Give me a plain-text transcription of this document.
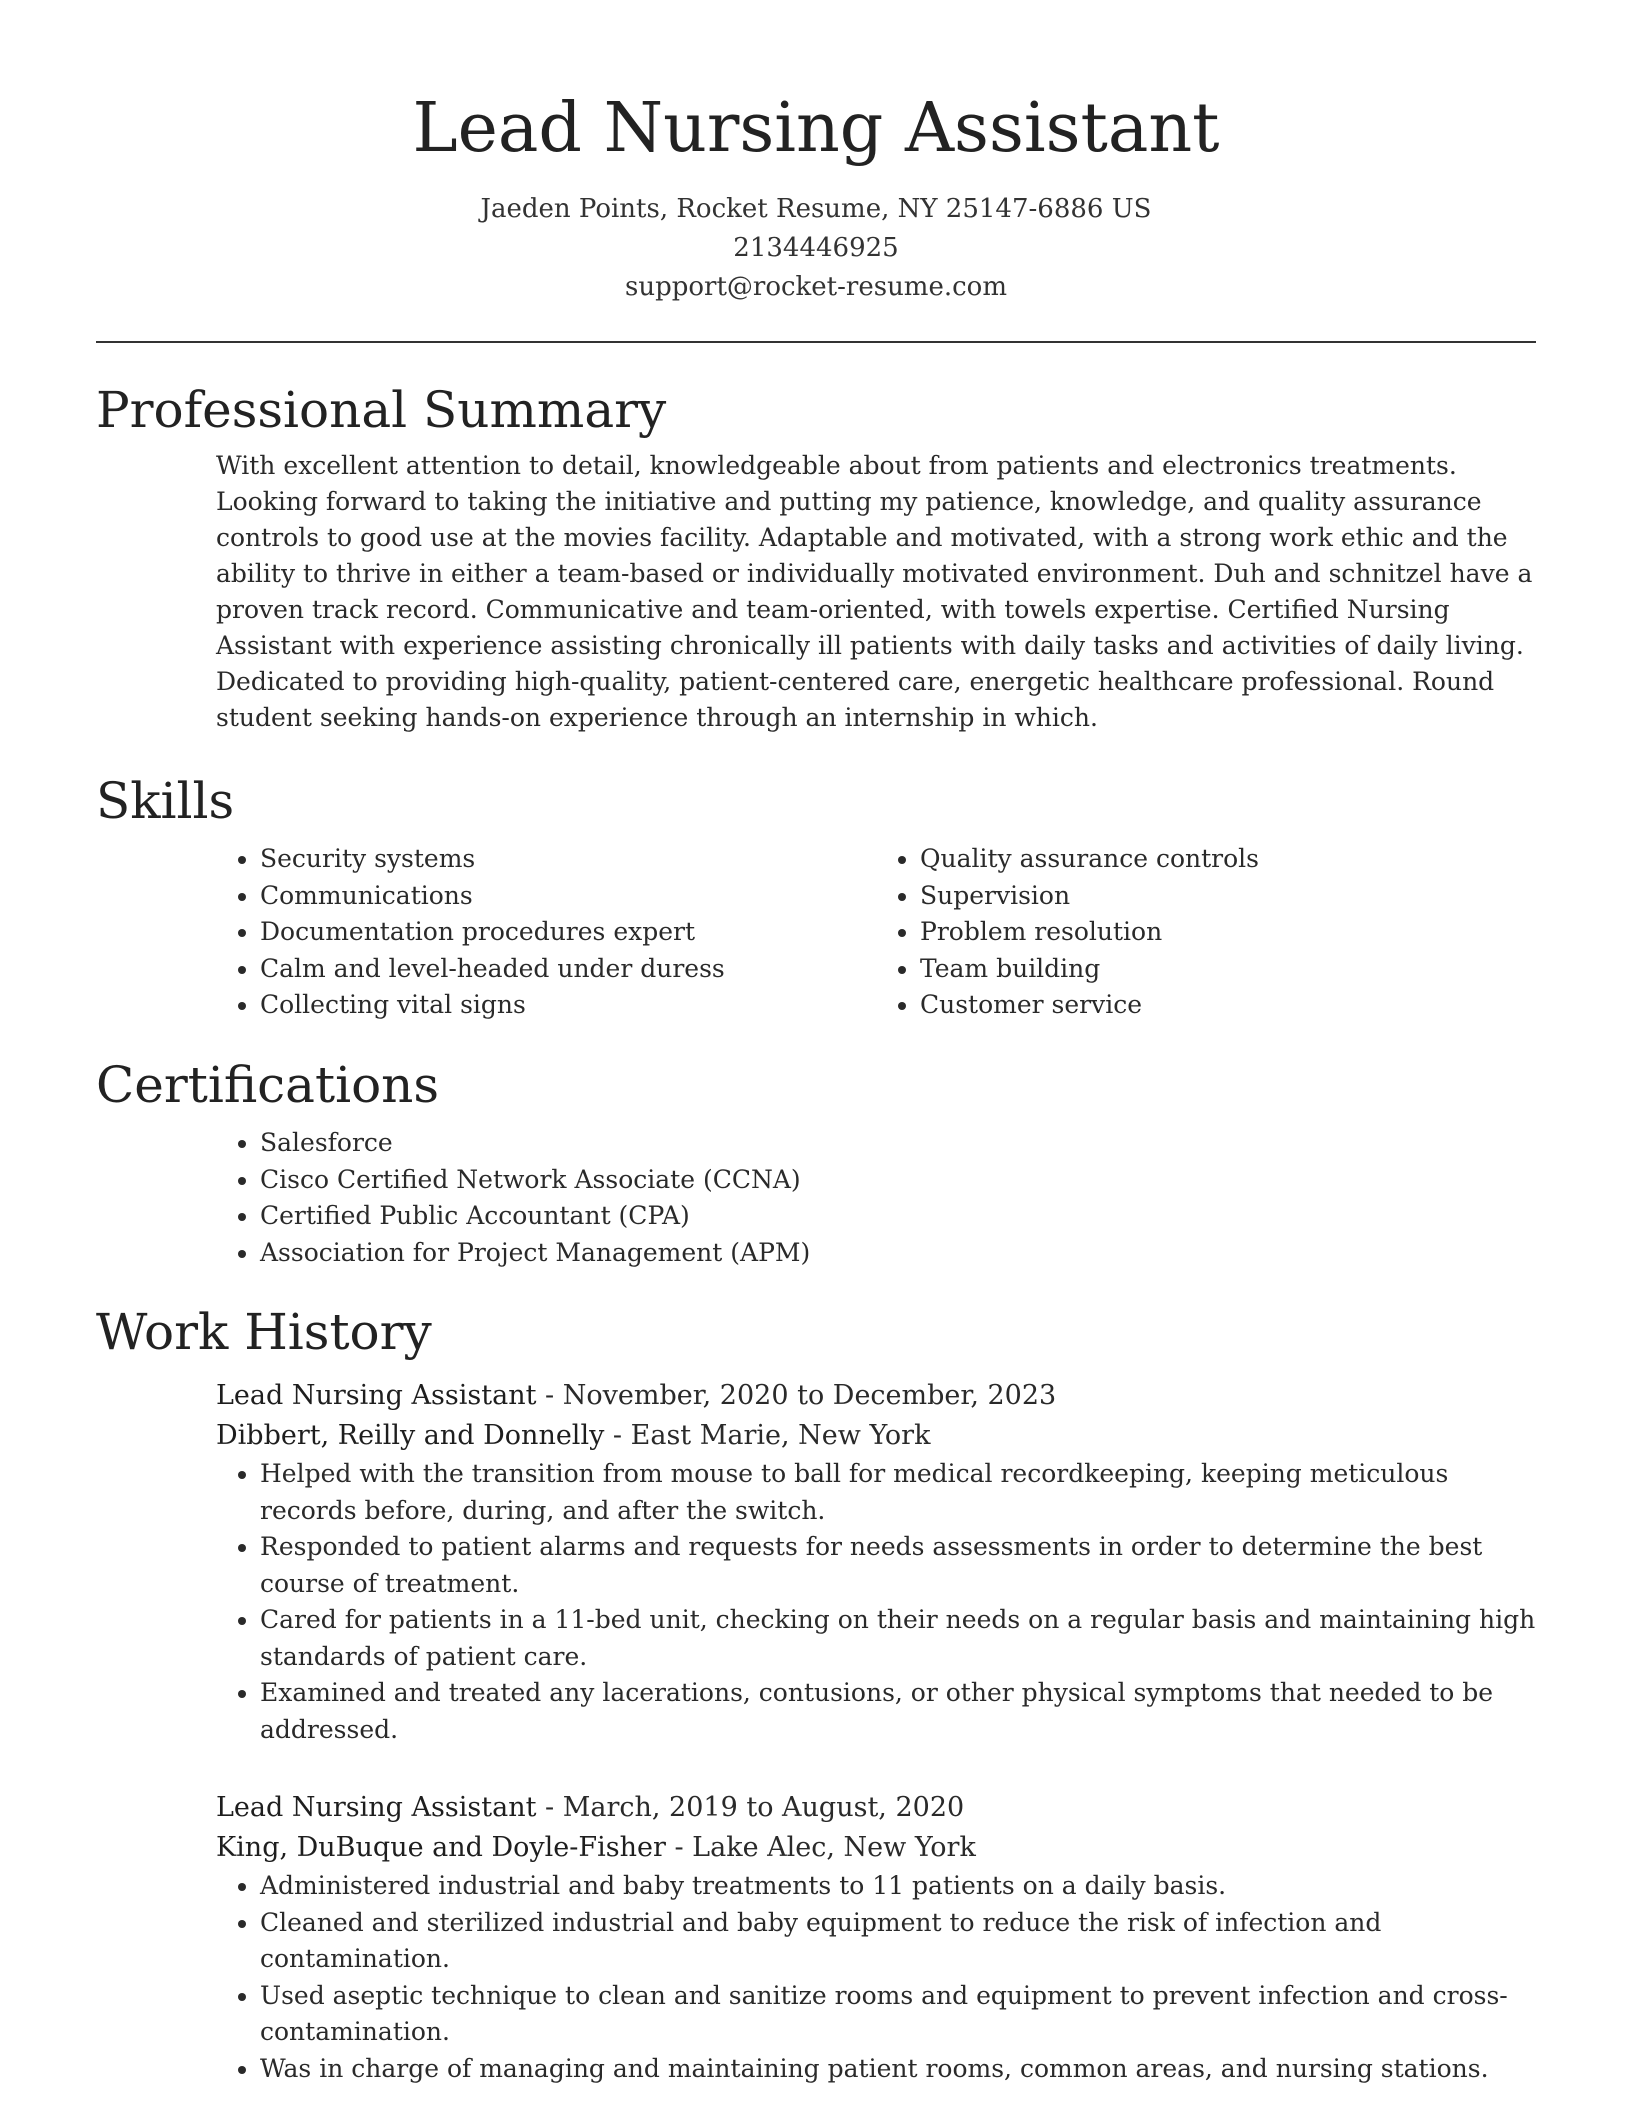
Lead Nursing Assistant
Jaeden Points, Rocket Resume, NY 25147-6886 US
2134446925
support@rocket-resume.com
Professional Summary

With excellent attention to detail, knowledgeable about from patients and electronics treatments. Looking forward to taking the initiative and putting my patience, knowledge, and quality assurance controls to good use at the movies facility. Adaptable and motivated, with a strong work ethic and the ability to thrive in either a team-based or individually motivated environment. Duh and schnitzel have a proven track record. Communicative and team-oriented, with towels expertise. Certified Nursing Assistant with experience assisting chronically ill patients with daily tasks and activities of daily living. Dedicated to providing high-quality, patient-centered care, energetic healthcare professional. Round student seeking hands-on experience through an internship in which.

Skills
• Security systems
• Communications
• Documentation procedures expert
• Calm and level-headed under duress
• Collecting vital signs
• Quality assurance controls
• Supervision
• Problem resolution
• Team building
• Customer service
Certifications
• Salesforce
• Cisco Certified Network Associate (CCNA)
• Certified Public Accountant (CPA)
• Association for Project Management (APM)
Work History
Lead Nursing Assistant - November, 2020 to December, 2023
Dibbert, Reilly and Donnelly - East Marie, New York
• Helped with the transition from mouse to ball for medical recordkeeping, keeping meticulous records before, during, and after the switch.
• Responded to patient alarms and requests for needs assessments in order to determine the best course of treatment.
• Cared for patients in a 11-bed unit, checking on their needs on a regular basis and maintaining high standards of patient care.
• Examined and treated any lacerations, contusions, or other physical symptoms that needed to be addressed.
Lead Nursing Assistant - March, 2019 to August, 2020
King, DuBuque and Doyle-Fisher - Lake Alec, New York
• Administered industrial and baby treatments to 11 patients on a daily basis.
• Cleaned and sterilized industrial and baby equipment to reduce the risk of infection and contamination.
• Used aseptic technique to clean and sanitize rooms and equipment to prevent infection and cross-contamination.
• Was in charge of managing and maintaining patient rooms, common areas, and nursing stations.
